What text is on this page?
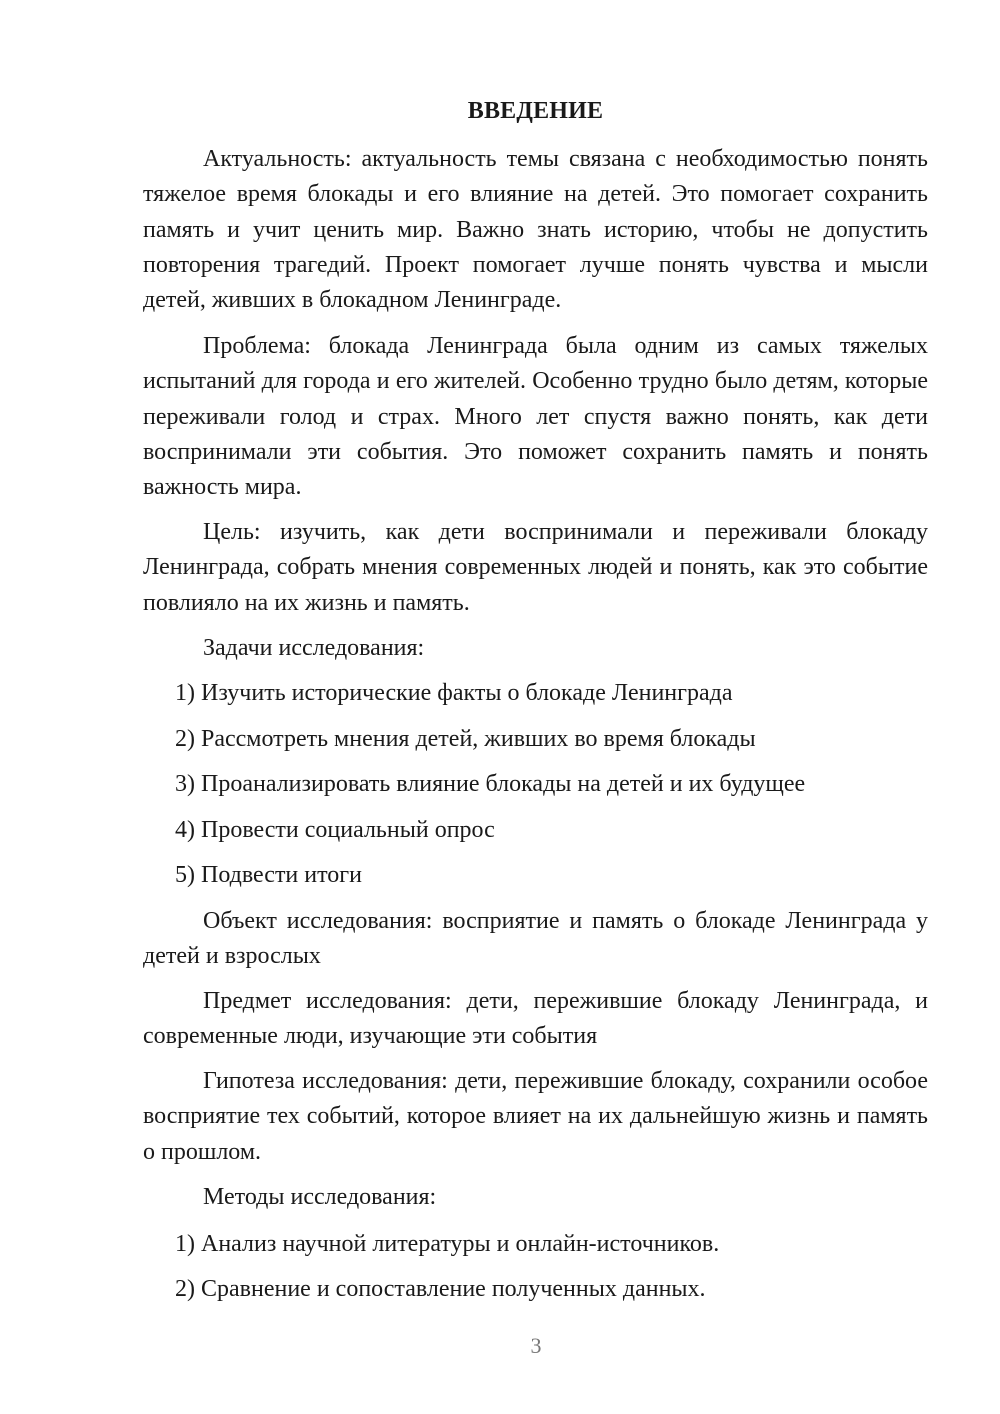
ВВЕДЕНИЕ

Актуальность: актуальность темы связана с необходимостью понять тяжелое время блокады и его влияние на детей. Это помогает сохранить память и учит ценить мир. Важно знать историю, чтобы не допустить повторения трагедий. Проект помогает лучше понять чувства и мысли детей, живших в блокадном Ленинграде.

Проблема: блокада Ленинграда была одним из самых тяжелых испытаний для города и его жителей. Особенно трудно было детям, которые переживали голод и страх. Много лет спустя важно понять, как дети воспринимали эти события. Это поможет сохранить память и понять важность мира.

Цель: изучить, как дети воспринимали и переживали блокаду Ленинграда, собрать мнения современных людей и понять, как это событие повлияло на их жизнь и память.

Задачи исследования:

1) Изучить исторические факты о блокаде Ленинграда

2) Рассмотреть мнения детей, живших во время блокады

3) Проанализировать влияние блокады на детей и их будущее

4) Провести социальный опрос

5) Подвести итоги

Объект исследования: восприятие и память о блокаде Ленинграда у детей и взрослых

Предмет исследования: дети, пережившие блокаду Ленинграда, и современные люди, изучающие эти события

Гипотеза исследования: дети, пережившие блокаду, сохранили особое восприятие тех событий, которое влияет на их дальнейшую жизнь и память о прошлом.

Методы исследования:

1) Анализ научной литературы и онлайн-источников.

2) Сравнение и сопоставление полученных данных.

3
